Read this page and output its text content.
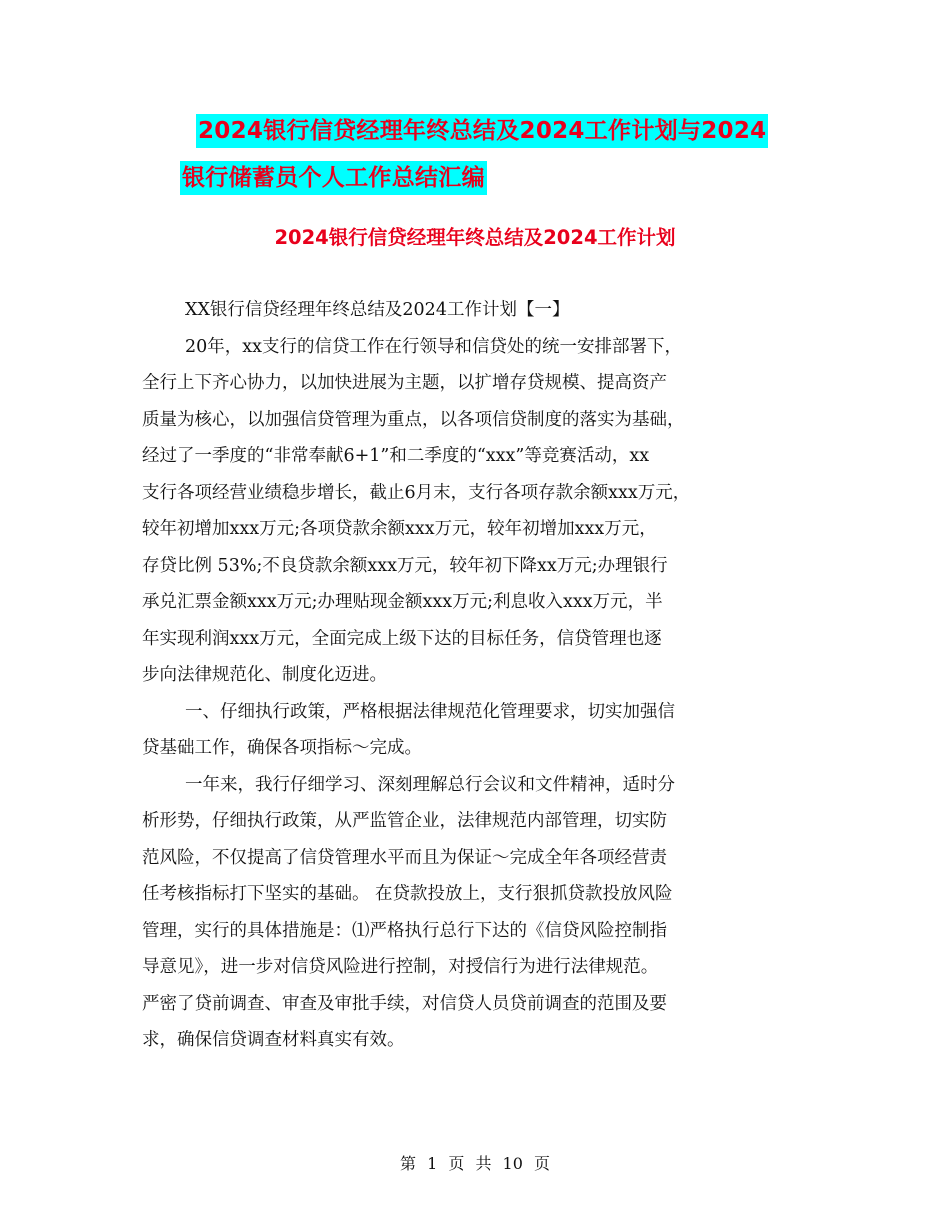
2024银行信贷经理年终总结及2024工作计划与2024
银行储蓄员个人工作总结汇编
2024银行信贷经理年终总结及2024工作计划
XX银行信贷经理年终总结及2024工作计划【一】
20年，xx支行的信贷工作在行领导和信贷处的统一安排部署下，
全行上下齐心协力，以加快进展为主题，以扩增存贷规模、提高资产
质量为核心，以加强信贷管理为重点，以各项信贷制度的落实为基础，
经过了一季度的“非常奉献6+1”和二季度的“xxx”等竞赛活动，xx
支行各项经营业绩稳步增长，截止6月末，支行各项存款余额xxx万元，
较年初增加xxx万元;各项贷款余额xxx万元，较年初增加xxx万元，
存贷比例 53%;不良贷款余额xxx万元，较年初下降xx万元;办理银行
承兑汇票金额xxx万元;办理贴现金额xxx万元;利息收入xxx万元，半
年实现利润xxx万元，全面完成上级下达的目标任务，信贷管理也逐
步向法律规范化、制度化迈进。
一、仔细执行政策，严格根据法律规范化管理要求，切实加强信
贷基础工作，确保各项指标～完成。
一年来，我行仔细学习、深刻理解总行会议和文件精神，适时分
析形势，仔细执行政策，从严监管企业，法律规范内部管理，切实防
范风险，不仅提高了信贷管理水平而且为保证～完成全年各项经营责
任考核指标打下坚实的基础。 在贷款投放上，支行狠抓贷款投放风险
管理，实行的具体措施是：⑴严格执行总行下达的《信贷风险控制指
导意见》，进一步对信贷风险进行控制，对授信行为进行法律规范。
严密了贷前调查、审查及审批手续，对信贷人员贷前调查的范围及要
求，确保信贷调查材料真实有效。
第 1 页 共 10 页
